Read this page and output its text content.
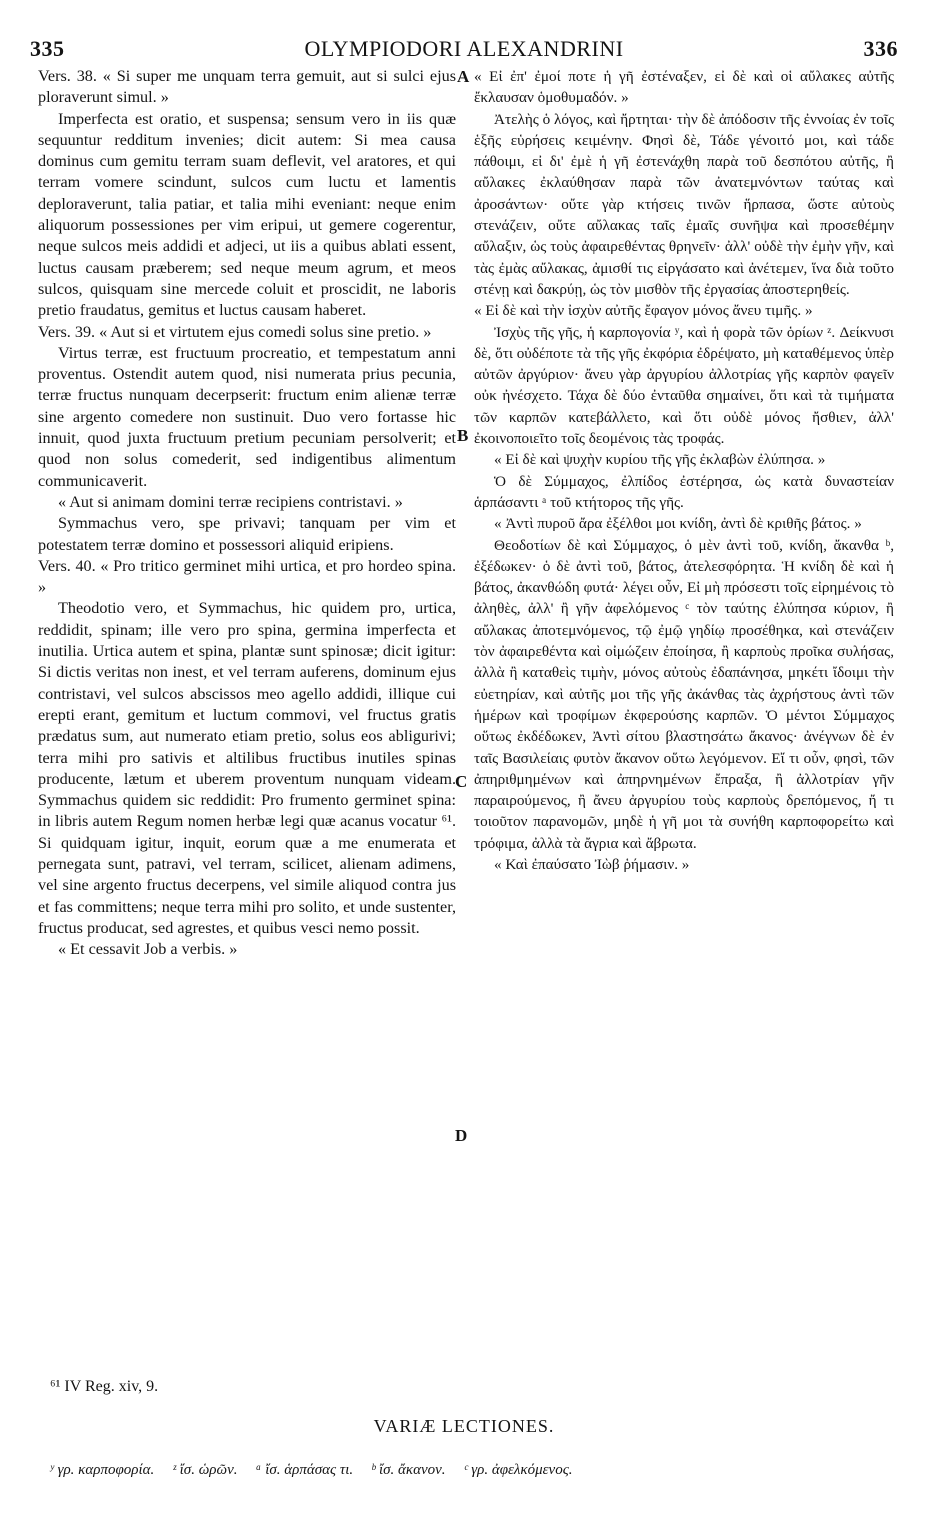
335	OLYMPIODORI ALEXANDRINI	336

Vers. 38. « Si super me unquam terra gemuit, aut si sulci ejus ploraverunt simul. »

Imperfecta est oratio, et suspensa; sensum vero in iis quæ sequuntur redditum invenies; dicit autem: Si mea causa dominus cum gemitu terram suam deflevit, vel aratores, et qui terram vomere scindunt, sulcos cum luctu et lamentis deploraverunt, talia patiar, et talia mihi eveniant: neque enim aliquorum possessiones per vim eripui, ut gemere cogerentur, neque sulcos meis addidi et adjeci, ut iis a quibus ablati essent, luctus causam præberem; sed neque meum agrum, et meos sulcos, quisquam sine mercede coluit et proscidit, ne laboris pretio fraudatus, gemitus et luctus causam haberet.

Vers. 39. « Aut si et virtutem ejus comedi solus sine pretio. »

Virtus terræ, est fructuum procreatio, et tempestatum anni proventus. Ostendit autem quod, nisi numerata prius pecunia, terræ fructus nunquam decerpserit: fructum enim alienæ terræ sine argento comedere non sustinuit. Duo vero fortasse hic innuit, quod juxta fructuum pretium pecuniam persolverit; et quod non solus comederit, sed indigentibus alimentum communicaverit.

« Aut si animam domini terræ recipiens contristavi. »

Symmachus vero, spe privavi; tanquam per vim et potestatem terræ domino et possessori aliquid eripiens.

Vers. 40. « Pro tritico germinet mihi urtica, et pro hordeo spina. »

Theodotio vero, et Symmachus, hic quidem pro, urtica, reddidit, spinam; ille vero pro spina, germina imperfecta et inutilia. Urtica autem et spina, plantæ sunt spinosæ; dicit igitur: Si dictis veritas non inest, et vel terram auferens, dominum ejus contristavi, vel sulcos abscissos meo agello addidi, illique cui erepti erant, gemitum et luctum commovi, vel fructus gratis prædatus sum, aut numerato etiam pretio, solus eos abligurivi; terra mihi pro sativis et altilibus fructibus inutiles spinas producente, lætum et uberem proventum nunquam videam. Symmachus quidem sic reddidit: Pro frumento germinet spina: in libris autem Regum nomen herbæ legi quæ acanus vocatur ⁶¹. Si quidquam igitur, inquit, eorum quæ a me enumerata et pernegata sunt, patravi, vel terram, scilicet, alienam adimens, vel sine argento fructus decerpens, vel simile aliquod contra jus et fas committens; neque terra mihi pro solito, et unde sustenter, fructus producat, sed agrestes, et quibus vesci nemo possit.

« Et cessavit Job a verbis. »

« Εἰ ἐπ' ἐμοί ποτε ἡ γῆ ἐστέναξεν, εἰ δὲ καὶ οἱ αὔλακες αὐτῆς ἔκλαυσαν ὁμοθυμαδόν. »

Ἀτελὴς ὁ λόγος, καὶ ἤρτηται· τὴν δὲ ἀπόδοσιν τῆς ἐννοίας ἐν τοῖς ἑξῆς εὑρήσεις κειμένην. Φησὶ δὲ, Τάδε γένοιτό μοι, καὶ τάδε πάθοιμι, εἰ δι' ἐμὲ ἡ γῆ ἐστενάχθη παρὰ τοῦ δεσπότου αὐτῆς, ἢ αὔλακες ἐκλαύθησαν παρὰ τῶν ἀνατεμνόντων ταύτας καὶ ἀροσάντων· οὔτε γὰρ κτήσεις τινῶν ἥρπασα, ὥστε αὐτοὺς στενάζειν, οὔτε αὔλακας ταῖς ἐμαῖς συνῆψα καὶ προσεθέμην αὔλαξιν, ὡς τοὺς ἀφαιρεθέντας θρηνεῖν· ἀλλ' οὐδὲ τὴν ἐμὴν γῆν, καὶ τὰς ἐμὰς αὔλακας, ἀμισθί τις εἰργάσατο καὶ ἀνέτεμεν, ἵνα διὰ τοῦτο στένῃ καὶ δακρύῃ, ὡς τὸν μισθὸν τῆς ἐργασίας ἀποστερηθείς.

« Εἰ δὲ καὶ τὴν ἰσχὺν αὐτῆς ἔφαγον μόνος ἄνευ τιμῆς. »

Ἰσχὺς τῆς γῆς, ἡ καρπογονία ʸ, καὶ ἡ φορὰ τῶν ὁρίων ᶻ. Δείκνυσι δὲ, ὅτι οὐδέποτε τὰ τῆς γῆς ἐκφόρια ἐδρέψατο, μὴ καταθέμενος ὑπὲρ αὐτῶν ἀργύριον· ἄνευ γὰρ ἀργυρίου ἀλλοτρίας γῆς καρπὸν φαγεῖν οὐκ ἠνέσχετο. Τάχα δὲ δύο ἐνταῦθα σημαίνει, ὅτι καὶ τὰ τιμήματα τῶν καρπῶν κατεβάλλετο, καὶ ὅτι οὐδὲ μόνος ἤσθιεν, ἀλλ' ἐκοινοποιεῖτο τοῖς δεομένοις τὰς τροφάς.

« Εἰ δὲ καὶ ψυχὴν κυρίου τῆς γῆς ἐκλαβὼν ἐλύπησα. »

Ὁ δὲ Σύμμαχος, ἐλπίδος ἐστέρησα, ὡς κατὰ δυναστείαν ἁρπάσαντι ᵃ τοῦ κτήτορος τῆς γῆς.

« Ἀντὶ πυροῦ ἄρα ἐξέλθοι μοι κνίδη, ἀντὶ δὲ κριθῆς βάτος. »

Θεοδοτίων δὲ καὶ Σύμμαχος, ὁ μὲν ἀντὶ τοῦ, κνίδη, ἄκανθα ᵇ, ἐξέδωκεν· ὁ δὲ ἀντὶ τοῦ, βάτος, ἀτελεσφόρητα. Ἡ κνίδη δὲ καὶ ἡ βάτος, ἀκανθώδη φυτά· λέγει οὖν, Εἰ μὴ πρόσεστι τοῖς εἰρημένοις τὸ ἀληθὲς, ἀλλ' ἢ γῆν ἀφελόμενος ᶜ τὸν ταύτης ἐλύπησα κύριον, ἢ αὔλακας ἀποτεμνόμενος, τῷ ἐμῷ γηδίῳ προσέθηκα, καὶ στενάζειν τὸν ἀφαιρεθέντα καὶ οἰμώζειν ἐποίησα, ἢ καρποὺς προῖκα συλήσας, ἀλλὰ ἢ καταθεὶς τιμὴν, μόνος αὐτοὺς ἐδαπάνησα, μηκέτι ἴδοιμι τὴν εὐετηρίαν, καὶ αὐτῆς μοι τῆς γῆς ἀκάνθας τὰς ἀχρήστους ἀντὶ τῶν ἡμέρων καὶ τροφίμων ἐκφερούσης καρπῶν. Ὁ μέντοι Σύμμαχος οὕτως ἐκδέδωκεν, Ἀντὶ σίτου βλαστησάτω ἄκανος· ἀνέγνων δὲ ἐν ταῖς Βασιλείαις φυτὸν ἄκανον οὕτω λεγόμενον. Εἴ τι οὖν, φησὶ, τῶν ἀπηριθμημένων καὶ ἀπηρνημένων ἔπραξα, ἢ ἀλλοτρίαν γῆν παραιρούμενος, ἢ ἄνευ ἀργυρίου τοὺς καρποὺς δρεπόμενος, ἤ τι τοιοῦτον παρανομῶν, μηδὲ ἡ γῆ μοι τὰ συνήθη καρποφορείτω καὶ τρόφιμα, ἀλλὰ τὰ ἄγρια καὶ ἄβρωτα.

« Καὶ ἐπαύσατο Ἰὼβ ῥήμασιν. »

A
B
C
D
⁶¹ IV Reg. xiv, 9.
VARIÆ LECTIONES.
ʸ γρ. καρποφορία. ᶻ ἴσ. ὡρῶν. ᵃ ἴσ. ἁρπάσας τι. ᵇ ἴσ. ἄκανον. ᶜ γρ. ἀφελκόμενος.
